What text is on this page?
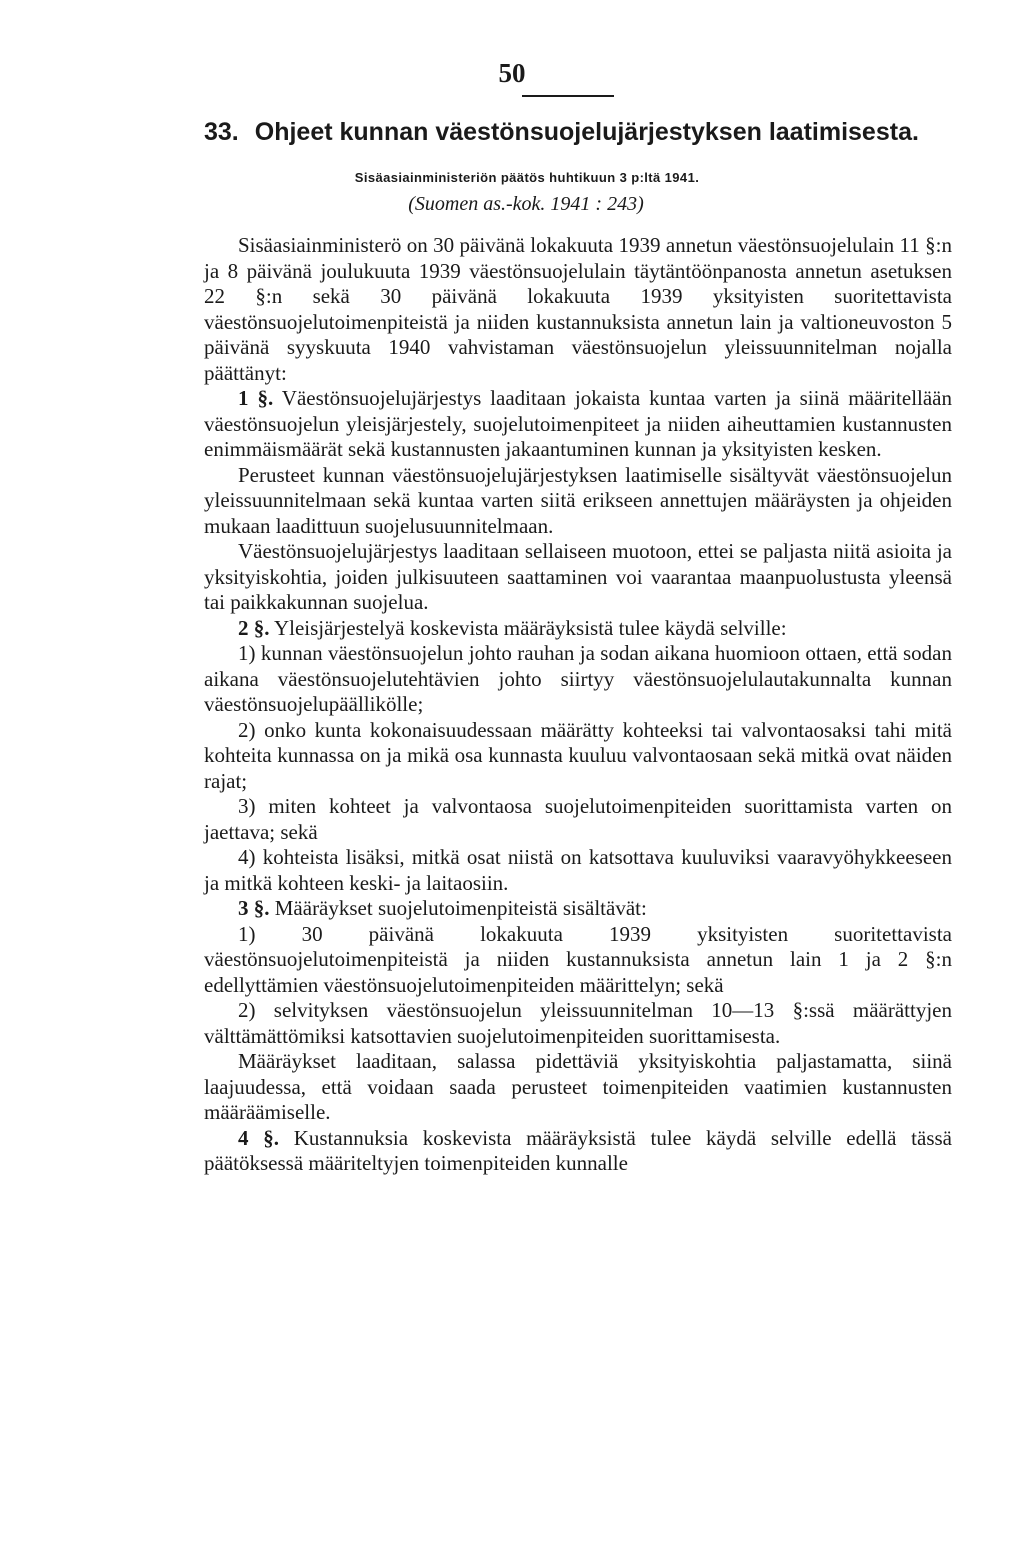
50
33. Ohjeet kunnan väestönsuojelujärjestyksen laatimisesta.
Sisäasiainministeriön päätös huhtikuun 3 p:ltä 1941.
(Suomen as.-kok. 1941 : 243)

Sisäasiainministerö on 30 päivänä lokakuuta 1939 annetun väestönsuojelulain 11 §:n ja 8 päivänä joulukuuta 1939 väestönsuojelulain täytäntöönpanosta annetun asetuksen 22 §:n sekä 30 päivänä lokakuuta 1939 yksityisten suoritettavista väestönsuojelutoimenpiteistä ja niiden kustannuksista annetun lain ja valtioneuvoston 5 päivänä syyskuuta 1940 vahvistaman väestönsuojelun yleissuunnitelman nojalla päättänyt:

1 §. Väestönsuojelujärjestys laaditaan jokaista kuntaa varten ja siinä määritellään väestönsuojelun yleisjärjestely, suojelutoimenpiteet ja niiden aiheuttamien kustannusten enimmäismäärät sekä kustannusten jakaantuminen kunnan ja yksityisten kesken.

Perusteet kunnan väestönsuojelujärjestyksen laatimiselle sisältyvät väestönsuojelun yleissuunnitelmaan sekä kuntaa varten siitä erikseen annettujen määräysten ja ohjeiden mukaan laadittuun suojelusuunnitelmaan.

Väestönsuojelujärjestys laaditaan sellaiseen muotoon, ettei se paljasta niitä asioita ja yksityiskohtia, joiden julkisuuteen saattaminen voi vaarantaa maanpuolustusta yleensä tai paikkakunnan suojelua.

2 §. Yleisjärjestelyä koskevista määräyksistä tulee käydä selville:

1) kunnan väestönsuojelun johto rauhan ja sodan aikana huomioon ottaen, että sodan aikana väestönsuojelutehtävien johto siirtyy väestönsuojelulautakunnalta kunnan väestönsuojelupäällikölle;

2) onko kunta kokonaisuudessaan määrätty kohteeksi tai valvontaosaksi tahi mitä kohteita kunnassa on ja mikä osa kunnasta kuuluu valvontaosaan sekä mitkä ovat näiden rajat;

3) miten kohteet ja valvontaosa suojelutoimenpiteiden suorittamista varten on jaettava; sekä

4) kohteista lisäksi, mitkä osat niistä on katsottava kuuluviksi vaaravyöhykkeeseen ja mitkä kohteen keski- ja laitaosiin.

3 §. Määräykset suojelutoimenpiteistä sisältävät:

1) 30 päivänä lokakuuta 1939 yksityisten suoritettavista väestönsuojelutoimenpiteistä ja niiden kustannuksista annetun lain 1 ja 2 §:n edellyttämien väestönsuojelutoimenpiteiden määrittelyn; sekä

2) selvityksen väestönsuojelun yleissuunnitelman 10—13 §:ssä määrättyjen välttämättömiksi katsottavien suojelutoimenpiteiden suorittamisesta.

Määräykset laaditaan, salassa pidettäviä yksityiskohtia paljastamatta, siinä laajuudessa, että voidaan saada perusteet toimenpiteiden vaatimien kustannusten määräämiselle.

4 §. Kustannuksia koskevista määräyksistä tulee käydä selville edellä tässä päätöksessä määriteltyjen toimenpiteiden kunnalle
